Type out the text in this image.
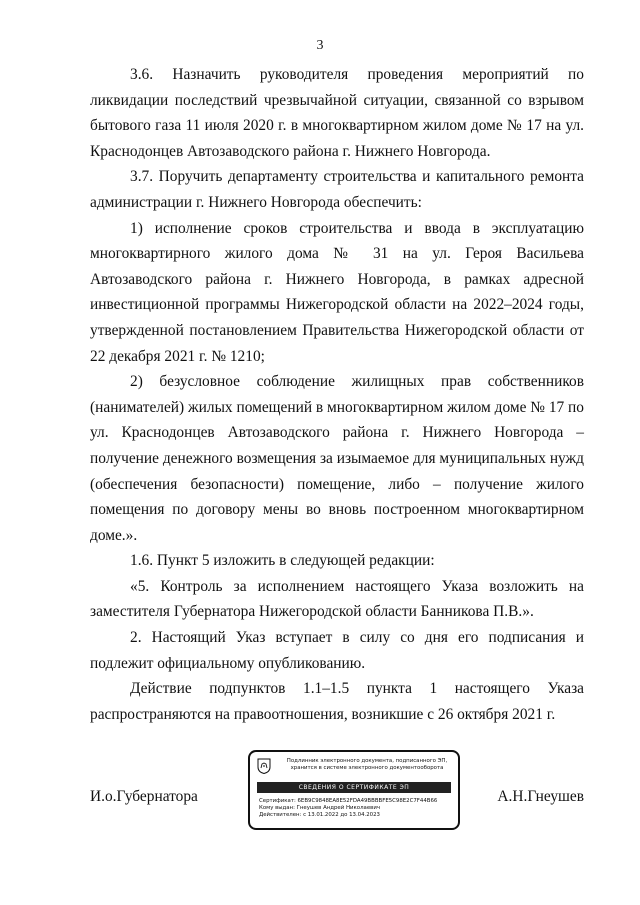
3

3.6. Назначить руководителя проведения мероприятий по ликвидации последствий чрезвычайной ситуации, связанной со взрывом бытового газа 11 июля 2020 г. в многоквартирном жилом доме № 17 на ул. Краснодонцев Автозаводского района г. Нижнего Новгорода.

3.7. Поручить департаменту строительства и капитального ремонта администрации г. Нижнего Новгорода обеспечить:

1) исполнение сроков строительства и ввода в эксплуатацию многоквартирного жилого дома № 31 на ул. Героя Васильева Автозаводского района г. Нижнего Новгорода, в рамках адресной инвестиционной программы Нижегородской области на 2022–2024 годы, утвержденной постановлением Правительства Нижегородской области от 22 декабря 2021 г. № 1210;

2) безусловное соблюдение жилищных прав собственников (нанимателей) жилых помещений в многоквартирном жилом доме № 17 по ул. Краснодонцев Автозаводского района г. Нижнего Новгорода – получение денежного возмещения за изымаемое для муниципальных нужд (обеспечения безопасности) помещение, либо – получение жилого помещения по договору мены во вновь построенном многоквартирном доме.».

1.6. Пункт 5 изложить в следующей редакции:

«5. Контроль за исполнением настоящего Указа возложить на заместителя Губернатора Нижегородской области Банникова П.В.».

2. Настоящий Указ вступает в силу со дня его подписания и подлежит официальному опубликованию.

Действие подпунктов 1.1–1.5 пункта 1 настоящего Указа распространяются на правоотношения, возникшие с 26 октября 2021 г.

И.о.Губернатора	А.Н.Гнеушев
Подлинник электронного документа, подписанного ЭП,
хранится в системе электронного документооборота
СВЕДЕНИЯ О СЕРТИФИКАТЕ ЭП
Сертификат: 6EB9C9848EA8E52FDA49BBBBFE5C98E2C7F44B66
Кому выдан: Гнеушев Андрей Николаевич
Действителен: с 13.01.2022 до 13.04.2023
